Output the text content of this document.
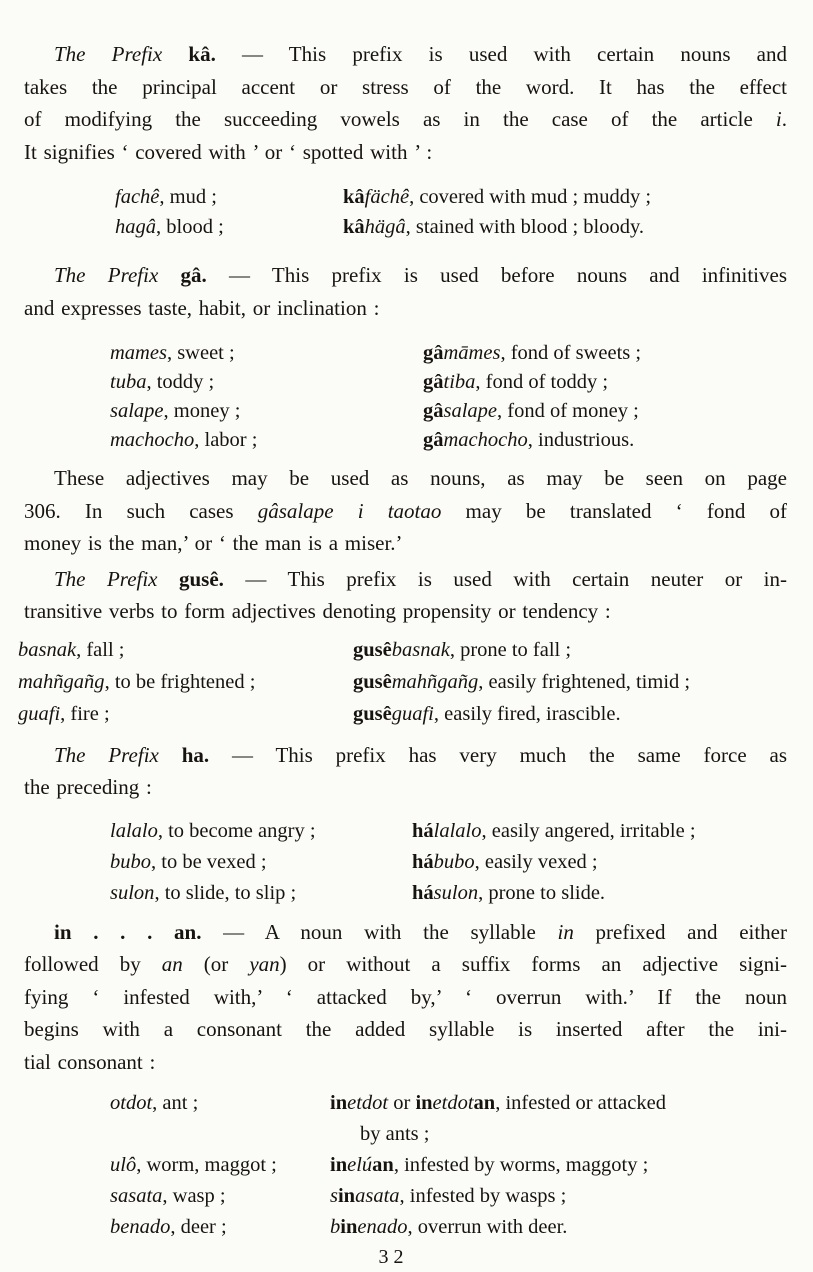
The Prefix kâ. — This prefix is used with certain nouns and
takes the principal accent or stress of the word. It has the effect
of modifying the succeeding vowels as in the case of the article i.
It signifies ‘ covered with ’ or ‘ spotted with ’ :

fachê, mud ;	kâfächê, covered with mud ; muddy ;
hagâ, blood ;	kâhägâ, stained with blood ; bloody.

The Prefix gâ. — This prefix is used before nouns and infinitives
and expresses taste, habit, or inclination :

mames, sweet ;	gâmāmes, fond of sweets ;
tuba, toddy ;	gâtiba, fond of toddy ;
salape, money ;	gâsalape, fond of money ;
machocho, labor ;	gâmachocho, industrious.

These adjectives may be used as nouns, as may be seen on page
306. In such cases gâsalape i taotao may be translated ‘ fond of
money is the man,’ or ‘ the man is a miser.’

The Prefix gusê. — This prefix is used with certain neuter or in-
transitive verbs to form adjectives denoting propensity or tendency :

basnak, fall ;	gusêbasnak, prone to fall ;
mahñgañg, to be frightened ;	gusêmahñgañg, easily frightened, timid ;
guafi, fire ;	gusêguafi, easily fired, irascible.

The Prefix ha. — This prefix has very much the same force as
the preceding :

lalalo, to become angry ;	hálalalo, easily angered, irritable ;
bubo, to be vexed ;	hábubo, easily vexed ;
sulon, to slide, to slip ;	hásulon, prone to slide.

in . . . an. — A noun with the syllable in prefixed and either
followed by an (or yan) or without a suffix forms an adjective signi-
fying ‘ infested with,’ ‘ attacked by,’ ‘ overrun with.’ If the noun
begins with a consonant the added syllable is inserted after the ini-
tial consonant :

otdot, ant ;	inetdot or inetdotan, infested or attacked
by ants ;
ulô, worm, maggot ;	inelúan, infested by worms, maggoty ;
sasata, wasp ;	sinasata, infested by wasps ;
benado, deer ;	binenado, overrun with deer.
32
